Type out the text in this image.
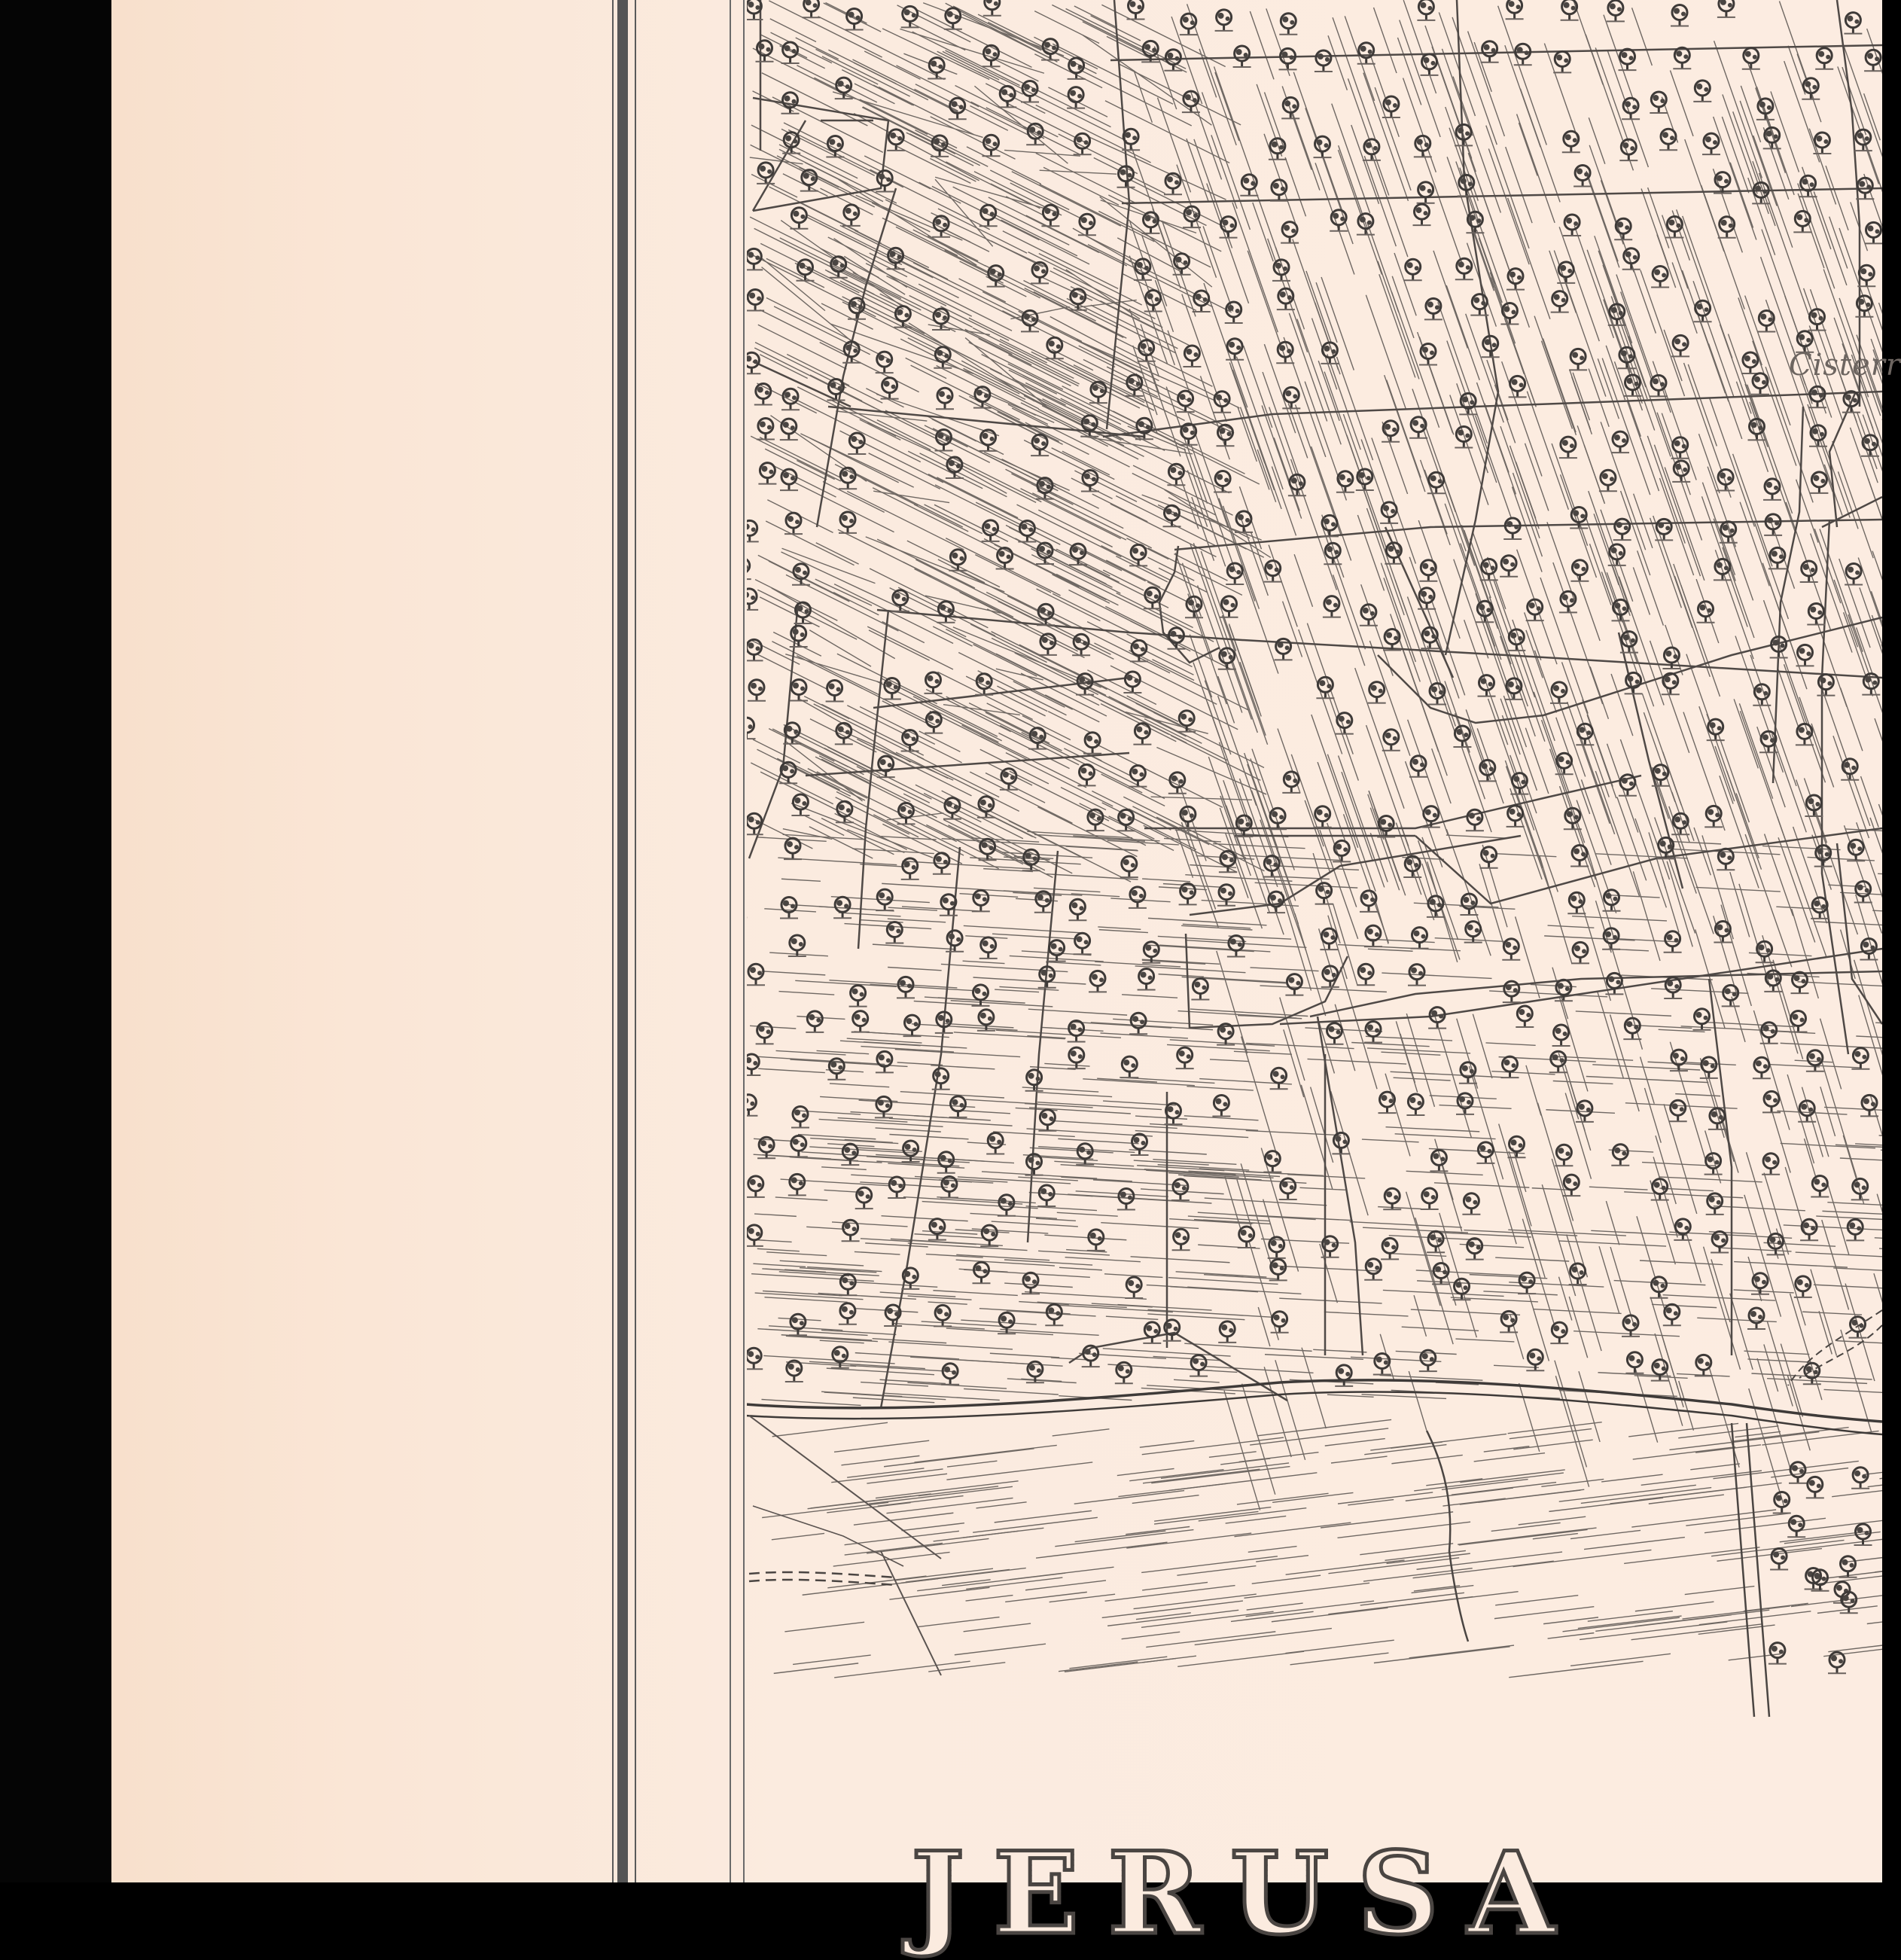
Cisterr
JERUSA
